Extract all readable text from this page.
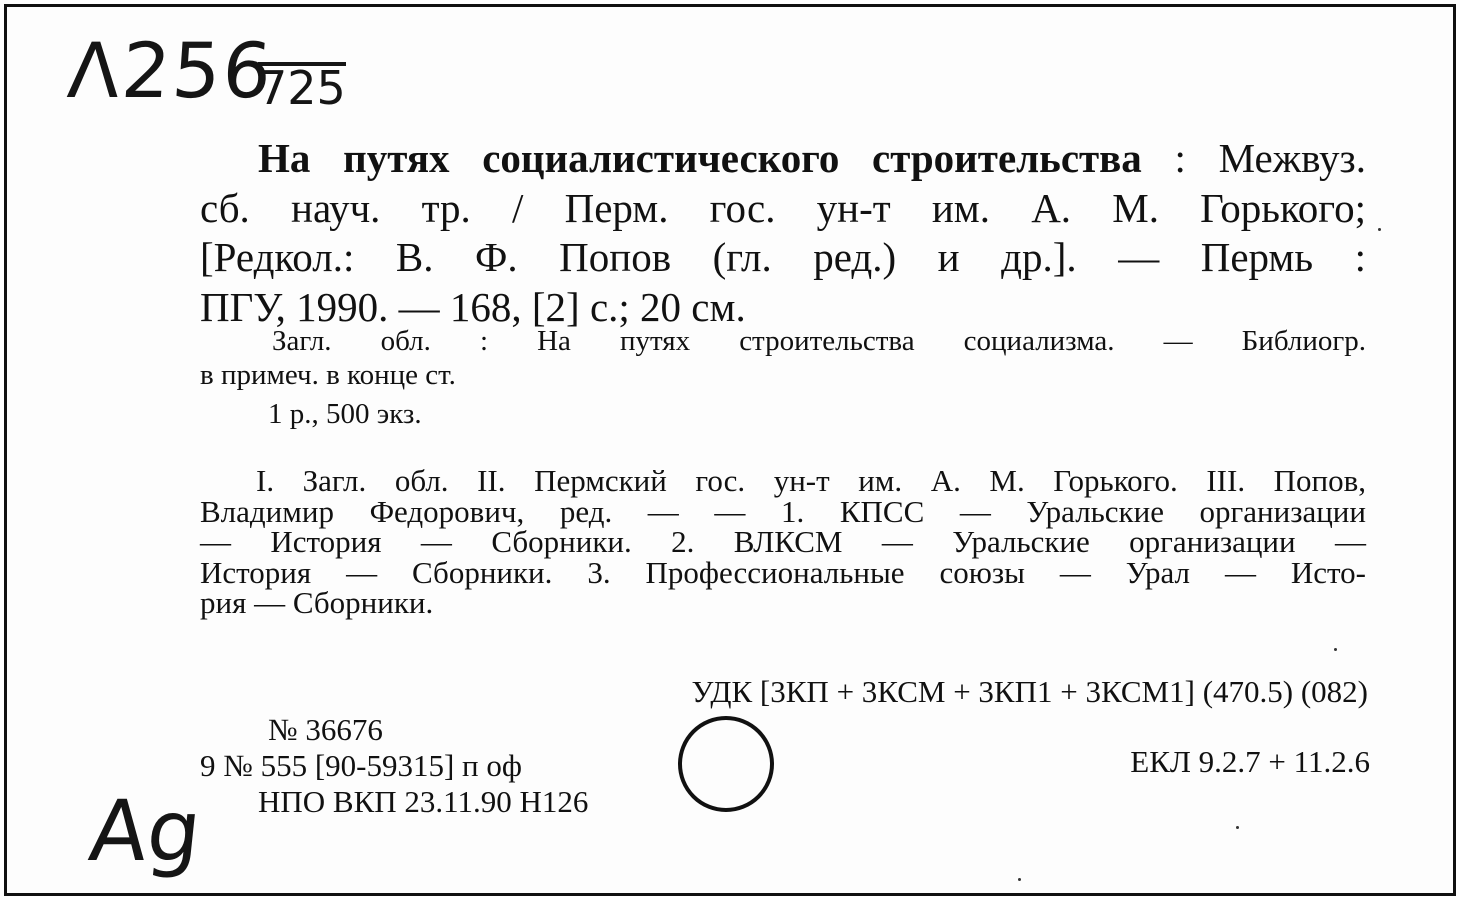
Λ256
725
На путях социалистического строительства : Межвуз.
сб. науч. тр. / Перм. гос. ун-т им. А. М. Горького;
[Редкол.: В. Ф. Попов (гл. ред.) и др.]. — Пермь :
ПГУ, 1990. — 168, [2] с.; 20 см.
Загл. обл. : На путях строительства социализма. — Библиогр.
в примеч. в конце ст.
1 р., 500 экз.
I. Загл. обл. II. Пермский гос. ун-т им. А. М. Горького. III. Попов,
Владимир Федорович, ред. — — 1. КПСС — Уральские организации
— История — Сборники. 2. ВЛКСМ — Уральские организации —
История — Сборники. 3. Профессиональные союзы — Урал — Исто-
рия — Сборники.
УДК [3КП + 3КСМ + 3КП1 + 3КСМ1] (470.5) (082)
№ 36676
9 № 555 [90-59315] п оф
НПО ВКП 23.11.90 Н126
ЕКЛ 9.2.7 + 11.2.6
Ag
